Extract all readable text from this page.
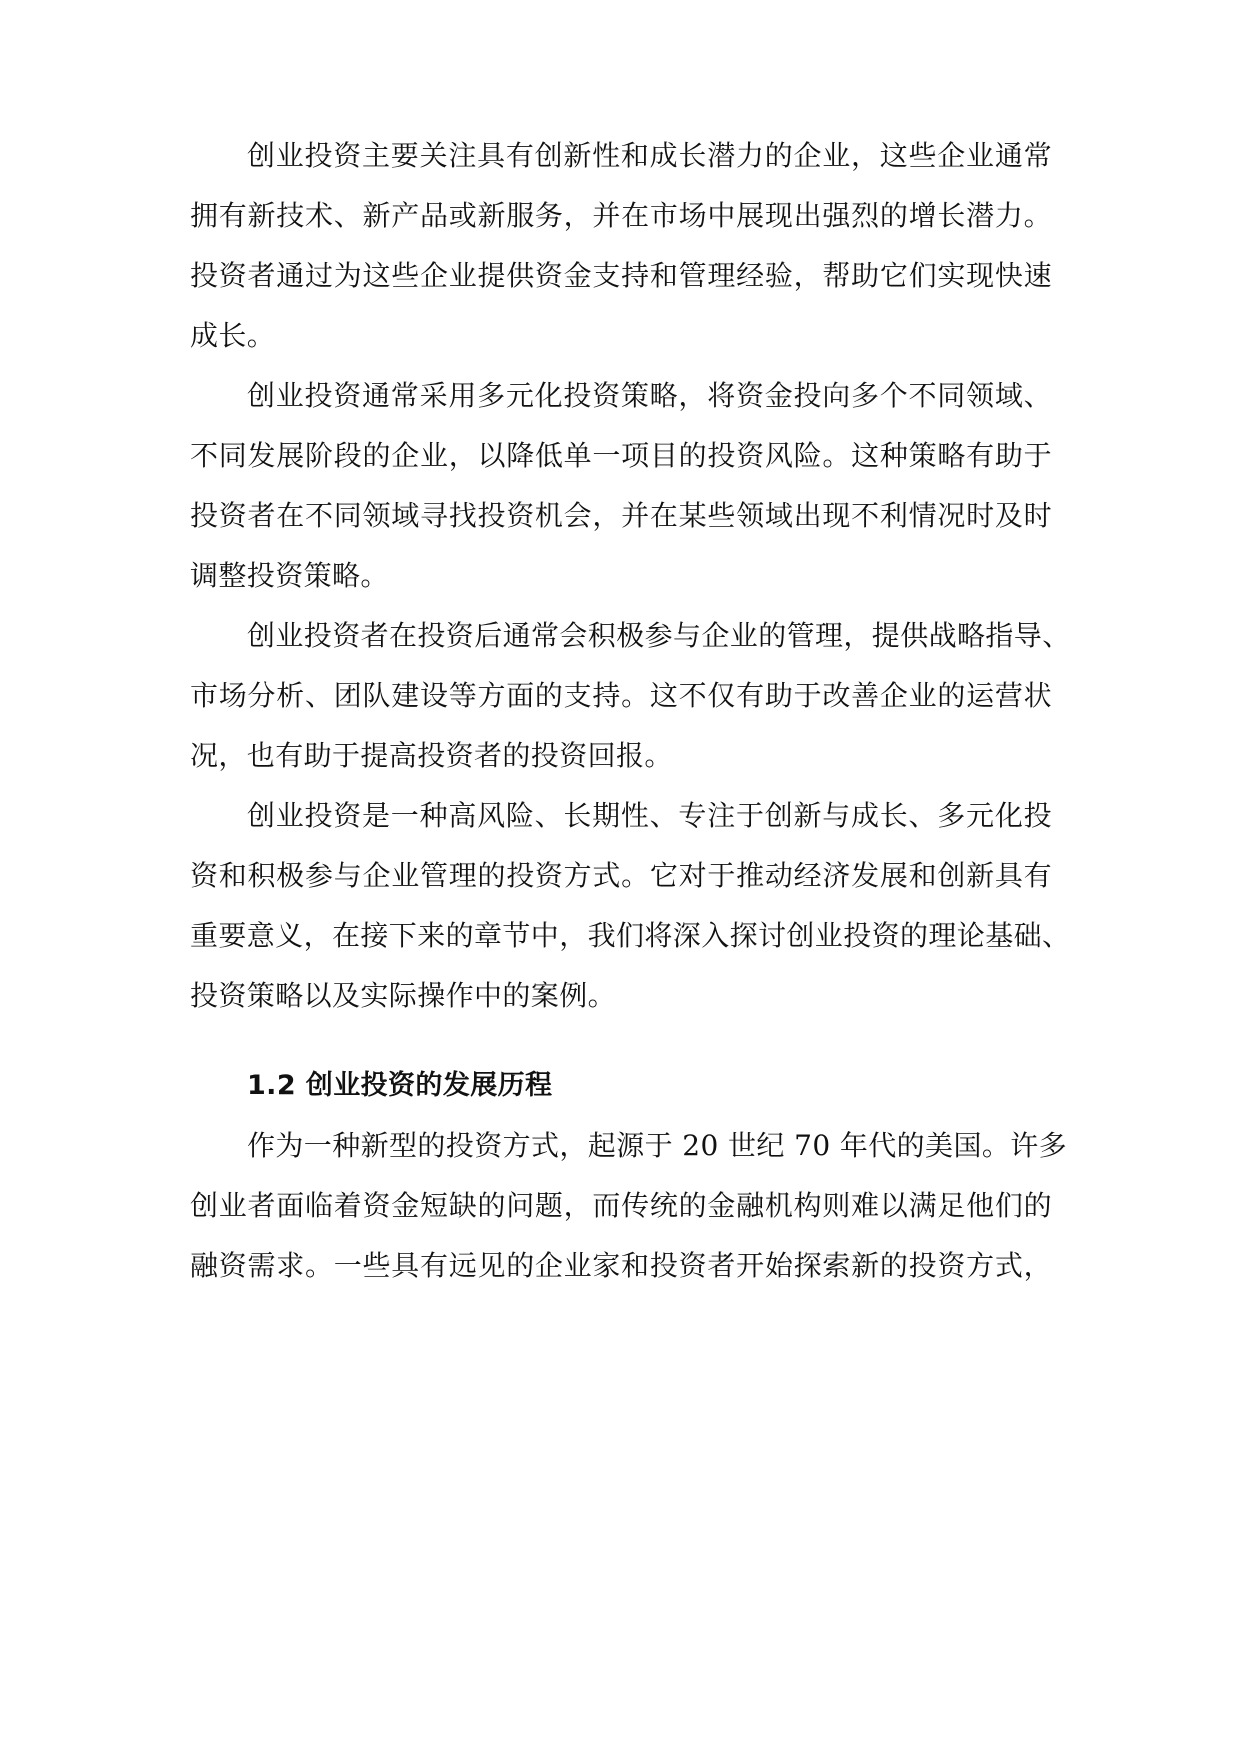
创业投资主要关注具有创新性和成长潜力的企业，这些企业通常
拥有新技术、新产品或新服务，并在市场中展现出强烈的增长潜力。
投资者通过为这些企业提供资金支持和管理经验，帮助它们实现快速
成长。
创业投资通常采用多元化投资策略，将资金投向多个不同领域、
不同发展阶段的企业，以降低单一项目的投资风险。这种策略有助于
投资者在不同领域寻找投资机会，并在某些领域出现不利情况时及时
调整投资策略。
创业投资者在投资后通常会积极参与企业的管理，提供战略指导、
市场分析、团队建设等方面的支持。这不仅有助于改善企业的运营状
况，也有助于提高投资者的投资回报。
创业投资是一种高风险、长期性、专注于创新与成长、多元化投
资和积极参与企业管理的投资方式。它对于推动经济发展和创新具有
重要意义，在接下来的章节中，我们将深入探讨创业投资的理论基础、
投资策略以及实际操作中的案例。
1.2 创业投资的发展历程
作为一种新型的投资方式，起源于 20 世纪 70 年代的美国。许多
创业者面临着资金短缺的问题，而传统的金融机构则难以满足他们的
融资需求。一些具有远见的企业家和投资者开始探索新的投资方式，
